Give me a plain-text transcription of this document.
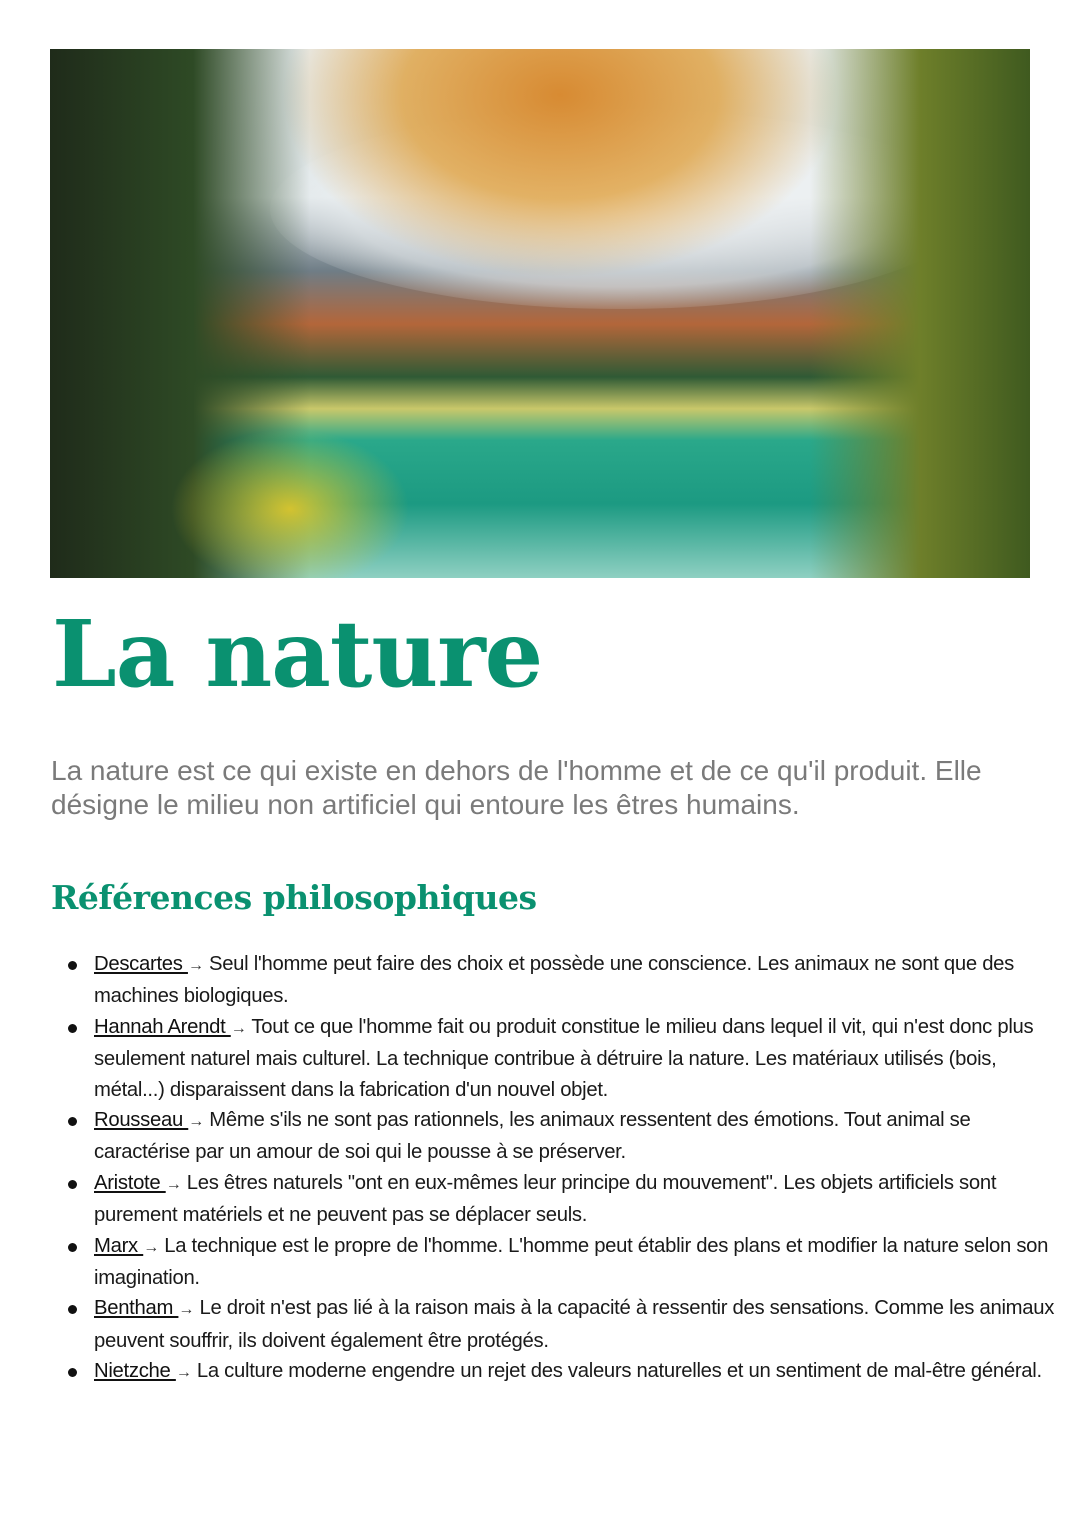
La nature

La nature est ce qui existe en dehors de l'homme et de ce qu'il produit. Elle désigne le milieu non artificiel qui entoure les êtres humains.

Références philosophiques
Descartes → Seul l'homme peut faire des choix et possède une conscience. Les animaux ne sont que des machines biologiques.
Hannah Arendt → Tout ce que l'homme fait ou produit constitue le milieu dans lequel il vit, qui n'est donc plus seulement naturel mais culturel. La technique contribue à détruire la nature. Les matériaux utilisés (bois, métal...) disparaissent dans la fabrication d'un nouvel objet.
Rousseau → Même s'ils ne sont pas rationnels, les animaux ressentent des émotions. Tout animal se caractérise par un amour de soi qui le pousse à se préserver.
Aristote → Les êtres naturels "ont en eux-mêmes leur principe du mouvement". Les objets artificiels sont purement matériels et ne peuvent pas se déplacer seuls.
Marx → La technique est le propre de l'homme. L'homme peut établir des plans et modifier la nature selon son imagination.
Bentham → Le droit n'est pas lié à la raison mais à la capacité à ressentir des sensations. Comme les animaux peuvent souffrir, ils doivent également être protégés.
Nietzche → La culture moderne engendre un rejet des valeurs naturelles et un sentiment de mal-être général.
